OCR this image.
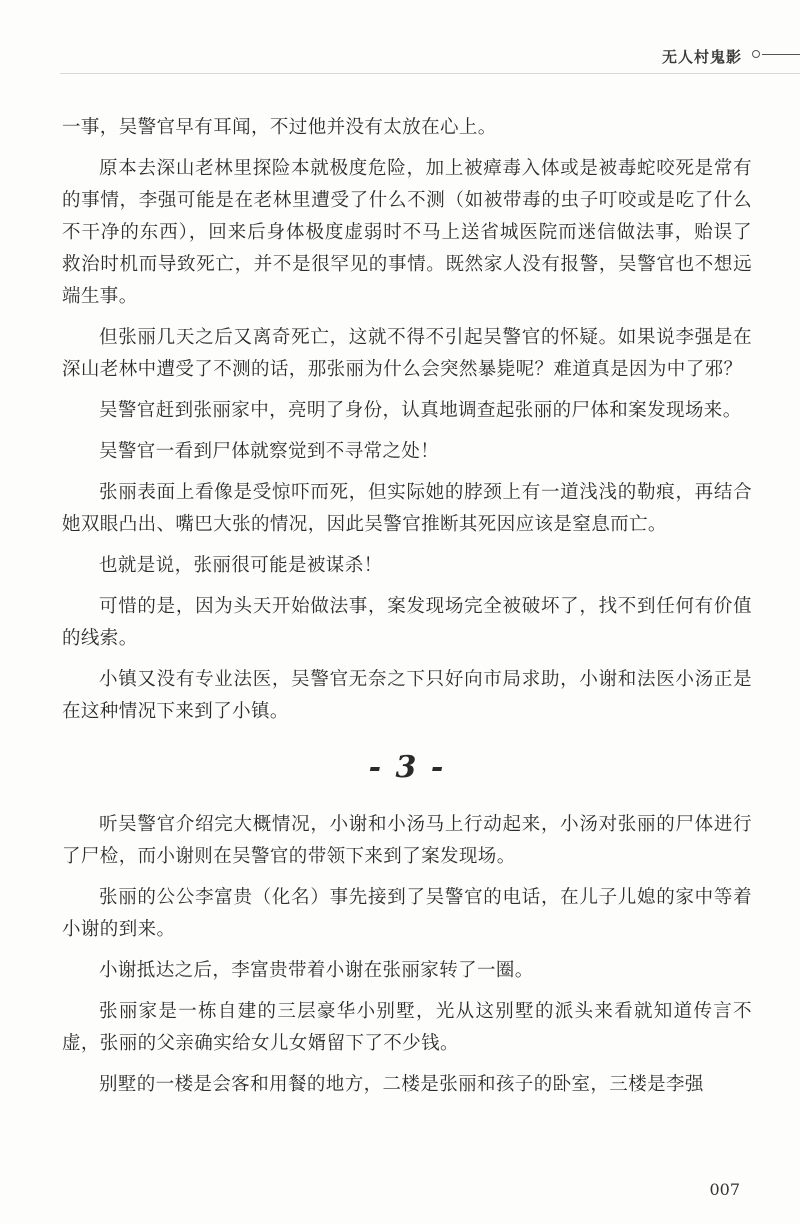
无人村鬼影

一事，吴警官早有耳闻，不过他并没有太放在心上。

原本去深山老林里探险本就极度危险，加上被瘴毒入体或是被毒蛇咬死是常有的事情，李强可能是在老林里遭受了什么不测（如被带毒的虫子叮咬或是吃了什么不干净的东西），回来后身体极度虚弱时不马上送省城医院而迷信做法事，贻误了救治时机而导致死亡，并不是很罕见的事情。既然家人没有报警，吴警官也不想远端生事。

但张丽几天之后又离奇死亡，这就不得不引起吴警官的怀疑。如果说李强是在深山老林中遭受了不测的话，那张丽为什么会突然暴毙呢？难道真是因为中了邪？

吴警官赶到张丽家中，亮明了身份，认真地调查起张丽的尸体和案发现场来。

吴警官一看到尸体就察觉到不寻常之处！

张丽表面上看像是受惊吓而死，但实际她的脖颈上有一道浅浅的勒痕，再结合她双眼凸出、嘴巴大张的情况，因此吴警官推断其死因应该是窒息而亡。

也就是说，张丽很可能是被谋杀！

可惜的是，因为头天开始做法事，案发现场完全被破坏了，找不到任何有价值的线索。

小镇又没有专业法医，吴警官无奈之下只好向市局求助，小谢和法医小汤正是在这种情况下来到了小镇。

- 3 -

听吴警官介绍完大概情况，小谢和小汤马上行动起来，小汤对张丽的尸体进行了尸检，而小谢则在吴警官的带领下来到了案发现场。

张丽的公公李富贵（化名）事先接到了吴警官的电话，在儿子儿媳的家中等着小谢的到来。

小谢抵达之后，李富贵带着小谢在张丽家转了一圈。

张丽家是一栋自建的三层豪华小别墅，光从这别墅的派头来看就知道传言不虚，张丽的父亲确实给女儿女婿留下了不少钱。

别墅的一楼是会客和用餐的地方，二楼是张丽和孩子的卧室，三楼是李强

007
